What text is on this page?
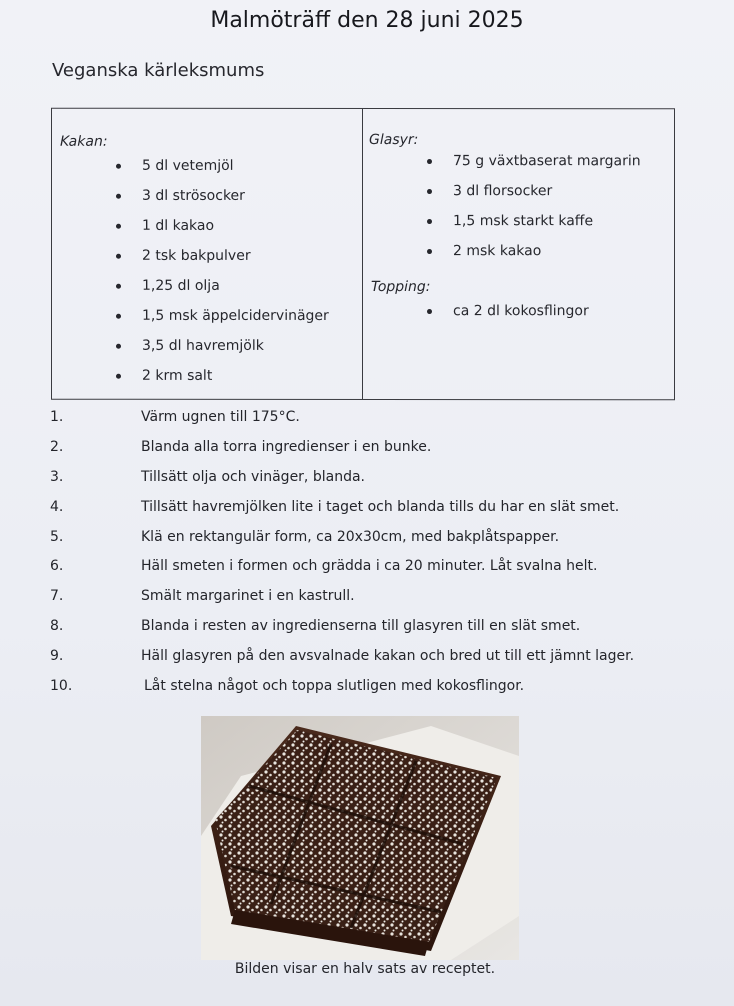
Malmöträff den 28 juni 2025
Veganska kärleksmums
Kakan:
5 dl vetemjöl
3 dl strösocker
1 dl kakao
2 tsk bakpulver
1,25 dl olja
1,5 msk äppelcidervinäger
3,5 dl havremjölk
2 krm salt
Glasyr:
75 g växtbaserat margarin
3 dl florsocker
1,5 msk starkt kaffe
2 msk kakao
Topping:
ca 2 dl kokosflingor
1.	Värm ugnen till 175°C.
2.	Blanda alla torra ingredienser i en bunke.
3.	Tillsätt olja och vinäger, blanda.
4.	Tillsätt havremjölken lite i taget och blanda tills du har en slät smet.
5.	Klä en rektangulär form, ca 20x30cm, med bakplåtspapper.
6.	Häll smeten i formen och grädda i ca 20 minuter. Låt svalna helt.
7.	Smält margarinet i en kastrull.
8.	Blanda i resten av ingredienserna till glasyren till en slät smet.
9.	Häll glasyren på den avsvalnade kakan och bred ut till ett jämnt lager.
10.	Låt stelna något och toppa slutligen med kokosflingor.
Bilden visar en halv sats av receptet.
